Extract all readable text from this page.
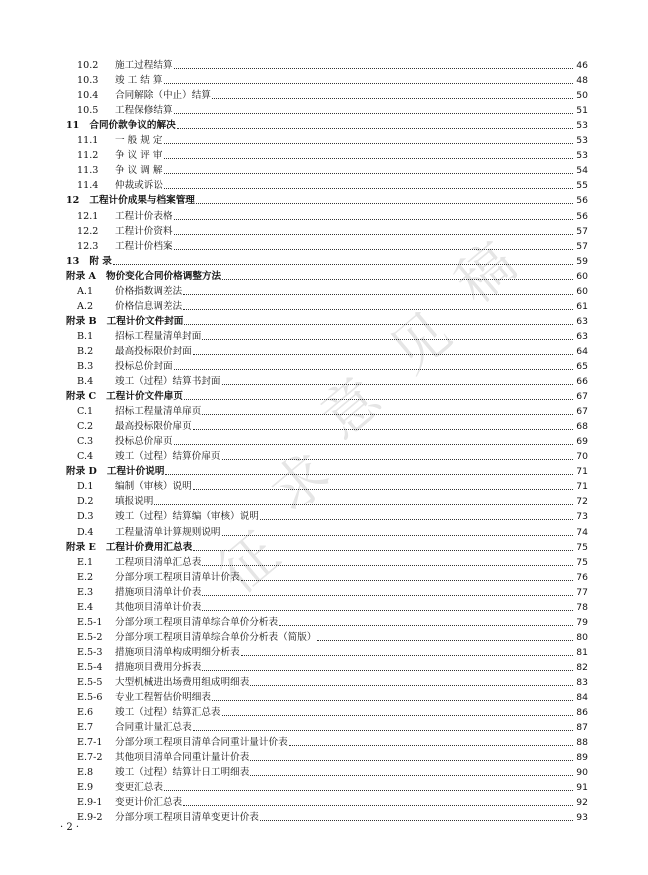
10.2	施工过程结算	46
10.3	竣 工 结 算	48
10.4	合同解除（中止）结算	50
10.5	工程保修结算	51
11 合同价款争议的解决	53
11.1	一 般 规 定	53
11.2	争 议 评 审	53
11.3	争 议 调 解	54
11.4	仲裁或诉讼	55
12 工程计价成果与档案管理	56
12.1	工程计价表格	56
12.2	工程计价资料	57
12.3	工程计价档案	57
13 附 录	59
附录 A 物价变化合同价格调整方法	60
A.1	价格指数调差法	60
A.2	价格信息调差法	61
附录 B 工程计价文件封面	63
B.1	招标工程量清单封面	63
B.2	最高投标限价封面	64
B.3	投标总价封面	65
B.4	竣工（过程）结算书封面	66
附录 C 工程计价文件扉页	67
C.1	招标工程量清单扉页	67
C.2	最高投标限价扉页	68
C.3	投标总价扉页	69
C.4	竣工（过程）结算价扉页	70
附录 D 工程计价说明	71
D.1	编制（审核）说明	71
D.2	填报说明	72
D.3	竣工（过程）结算编（审核）说明	73
D.4	工程量清单计算规则说明	74
附录 E 工程计价费用汇总表	75
E.1	工程项目清单汇总表	75
E.2	分部分项工程项目清单计价表	76
E.3	措施项目清单计价表	77
E.4	其他项目清单计价表	78
E.5-1	分部分项工程项目清单综合单价分析表	79
E.5-2	分部分项工程项目清单综合单价分析表（简版）	80
E.5-3	措施项目清单构成明细分析表	81
E.5-4	措施项目费用分拆表	82
E.5-5	大型机械进出场费用组成明细表	83
E.5-6	专业工程暂估价明细表	84
E.6	竣工（过程）结算汇总表	86
E.7	合同重计量汇总表	87
E.7-1	分部分项工程项目清单合同重计量计价表	88
E.7-2	其他项目清单合同重计量计价表	89
E.8	竣工（过程）结算计日工明细表	90
E.9	变更汇总表	91
E.9-1	变更计价汇总表	92
E.9-2	分部分项工程项目清单变更计价表	93
征
求
意
见
稿
· 2 ·
